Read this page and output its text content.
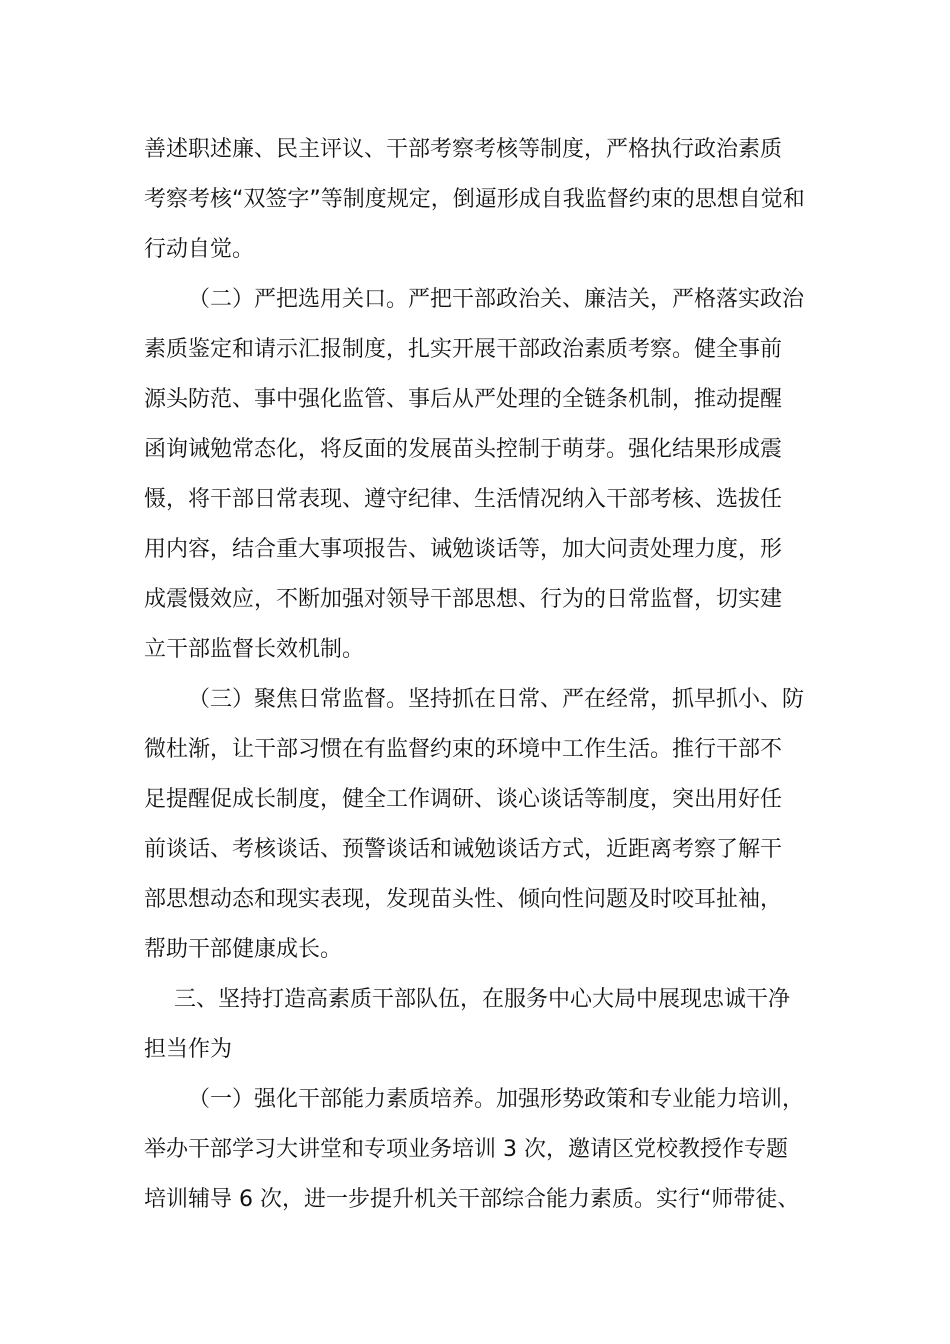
善述职述廉、民主评议、干部考察考核等制度，严格执行政治素质
考察考核“双签字”等制度规定，倒逼形成自我监督约束的思想自觉和
行动自觉。
（二）严把选用关口。严把干部政治关、廉洁关，严格落实政治
素质鉴定和请示汇报制度，扎实开展干部政治素质考察。健全事前
源头防范、事中强化监管、事后从严处理的全链条机制，推动提醒
函询诫勉常态化，将反面的发展苗头控制于萌芽。强化结果形成震
慑，将干部日常表现、遵守纪律、生活情况纳入干部考核、选拔任
用内容，结合重大事项报告、诫勉谈话等，加大问责处理力度，形
成震慑效应，不断加强对领导干部思想、行为的日常监督，切实建
立干部监督长效机制。
（三）聚焦日常监督。坚持抓在日常、严在经常，抓早抓小、防
微杜渐，让干部习惯在有监督约束的环境中工作生活。推行干部不
足提醒促成长制度，健全工作调研、谈心谈话等制度，突出用好任
前谈话、考核谈话、预警谈话和诫勉谈话方式，近距离考察了解干
部思想动态和现实表现，发现苗头性、倾向性问题及时咬耳扯袖，
帮助干部健康成长。
三、坚持打造高素质干部队伍，在服务中心大局中展现忠诚干净
担当作为
（一）强化干部能力素质培养。加强形势政策和专业能力培训，
举办干部学习大讲堂和专项业务培训 3 次，邀请区党校教授作专题
培训辅导 6 次，进一步提升机关干部综合能力素质。实行“师带徒、
